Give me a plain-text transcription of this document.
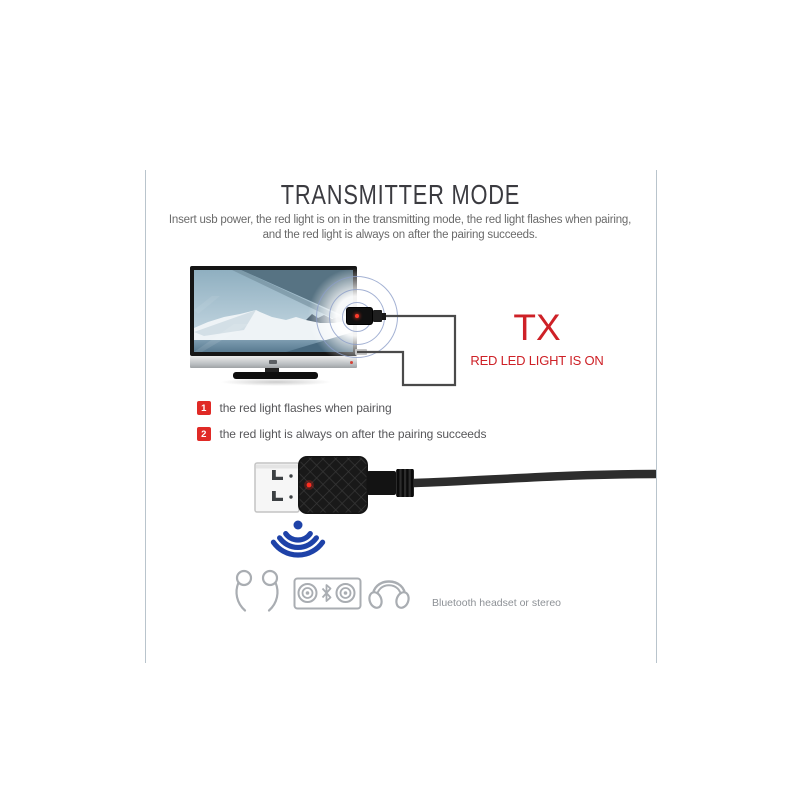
TRANSMITTER MODE
Insert usb power, the red light is on in the transmitting mode, the red light flashes when pairing,
and the red light is always on after the pairing succeeds.
TX
RED LED LIGHT IS ON
1	the red light flashes when pairing
2	the red light is always on after the pairing succeeds
Bluetooth headset or stereo
